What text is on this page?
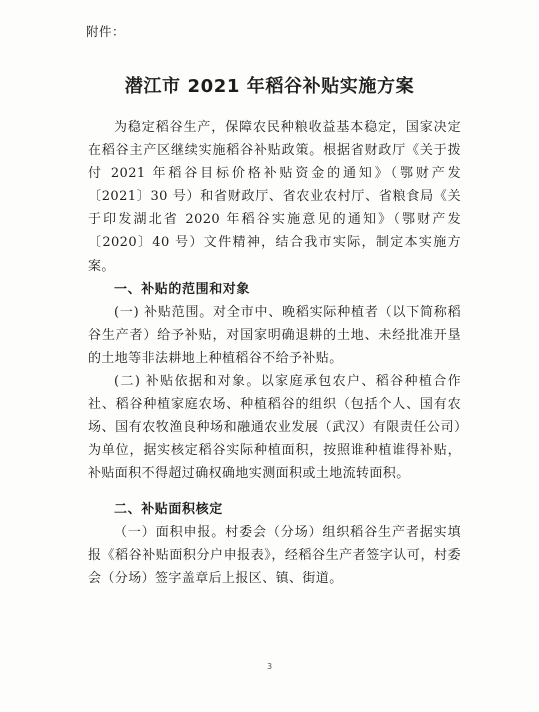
附件：
潜江市 2021 年稻谷补贴实施方案

为稳定稻谷生产，保障农民种粮收益基本稳定，国家决定在稻谷主产区继续实施稻谷补贴政策。根据省财政厅《关于拨付 2021 年稻谷目标价格补贴资金的通知》（鄂财产发〔2021〕30 号）和省财政厅、省农业农村厅、省粮食局《关于印发湖北省 2020 年稻谷实施意见的通知》（鄂财产发〔2020〕40 号）文件精神，结合我市实际，制定本实施方案。

一、补贴的范围和对象

(一) 补贴范围。对全市中、晚稻实际种植者（以下简称稻谷生产者）给予补贴，对国家明确退耕的土地、未经批准开垦的土地等非法耕地上种植稻谷不给予补贴。

(二) 补贴依据和对象。以家庭承包农户、稻谷种植合作社、稻谷种植家庭农场、种植稻谷的组织（包括个人、国有农场、国有农牧渔良种场和融通农业发展（武汉）有限责任公司）为单位，据实核定稻谷实际种植面积，按照谁种植谁得补贴，补贴面积不得超过确权确地实测面积或土地流转面积。

二、补贴面积核定

（一）面积申报。村委会（分场）组织稻谷生产者据实填报《稻谷补贴面积分户申报表》，经稻谷生产者签字认可，村委会（分场）签字盖章后上报区、镇、街道。

3
